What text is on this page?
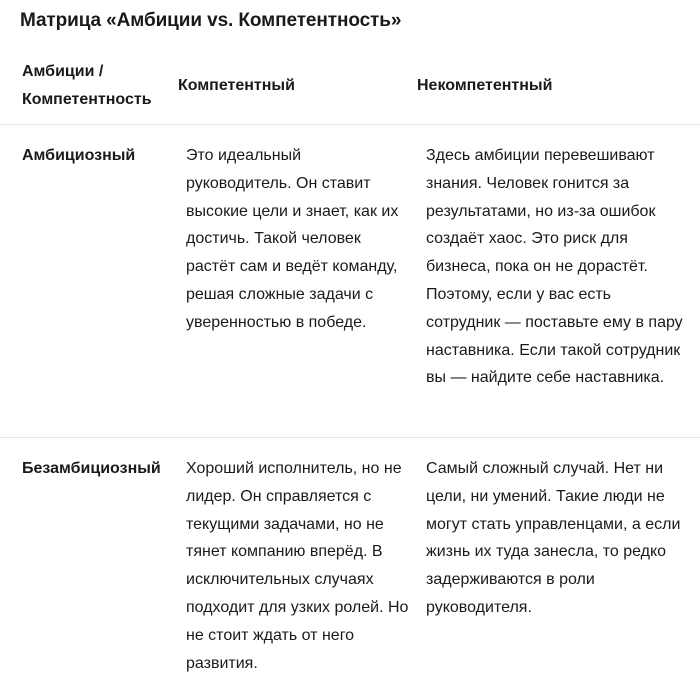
Матрица «Амбиции vs. Компетентность»
Амбиции / Компетентность
Компетентный	Некомпетентный
Амбициозный	Это идеальный руководитель. Он ставит высокие цели и знает, как их достичь. Такой человек растёт сам и ведёт команду, решая сложные задачи с уверенностью в победе.
Здесь амбиции перевешивают знания. Человек гонится за результатами, но из-за ошибок создаёт хаос. Это риск для бизнеса, пока он не дорастёт. Поэтому, если у вас есть сотрудник — поставьте ему в пару наставника. Если такой сотрудник вы — найдите себе наставника.
Безамбициозный Хороший исполнитель, но не лидер. Он справляется с текущими задачами, но не тянет компанию вперёд. В исключительных случаях подходит для узких ролей. Но не стоит ждать от него развития.
Самый сложный случай. Нет ни цели, ни умений. Такие люди не могут стать управленцами, а если жизнь их туда занесла, то редко задерживаются в роли руководителя.
